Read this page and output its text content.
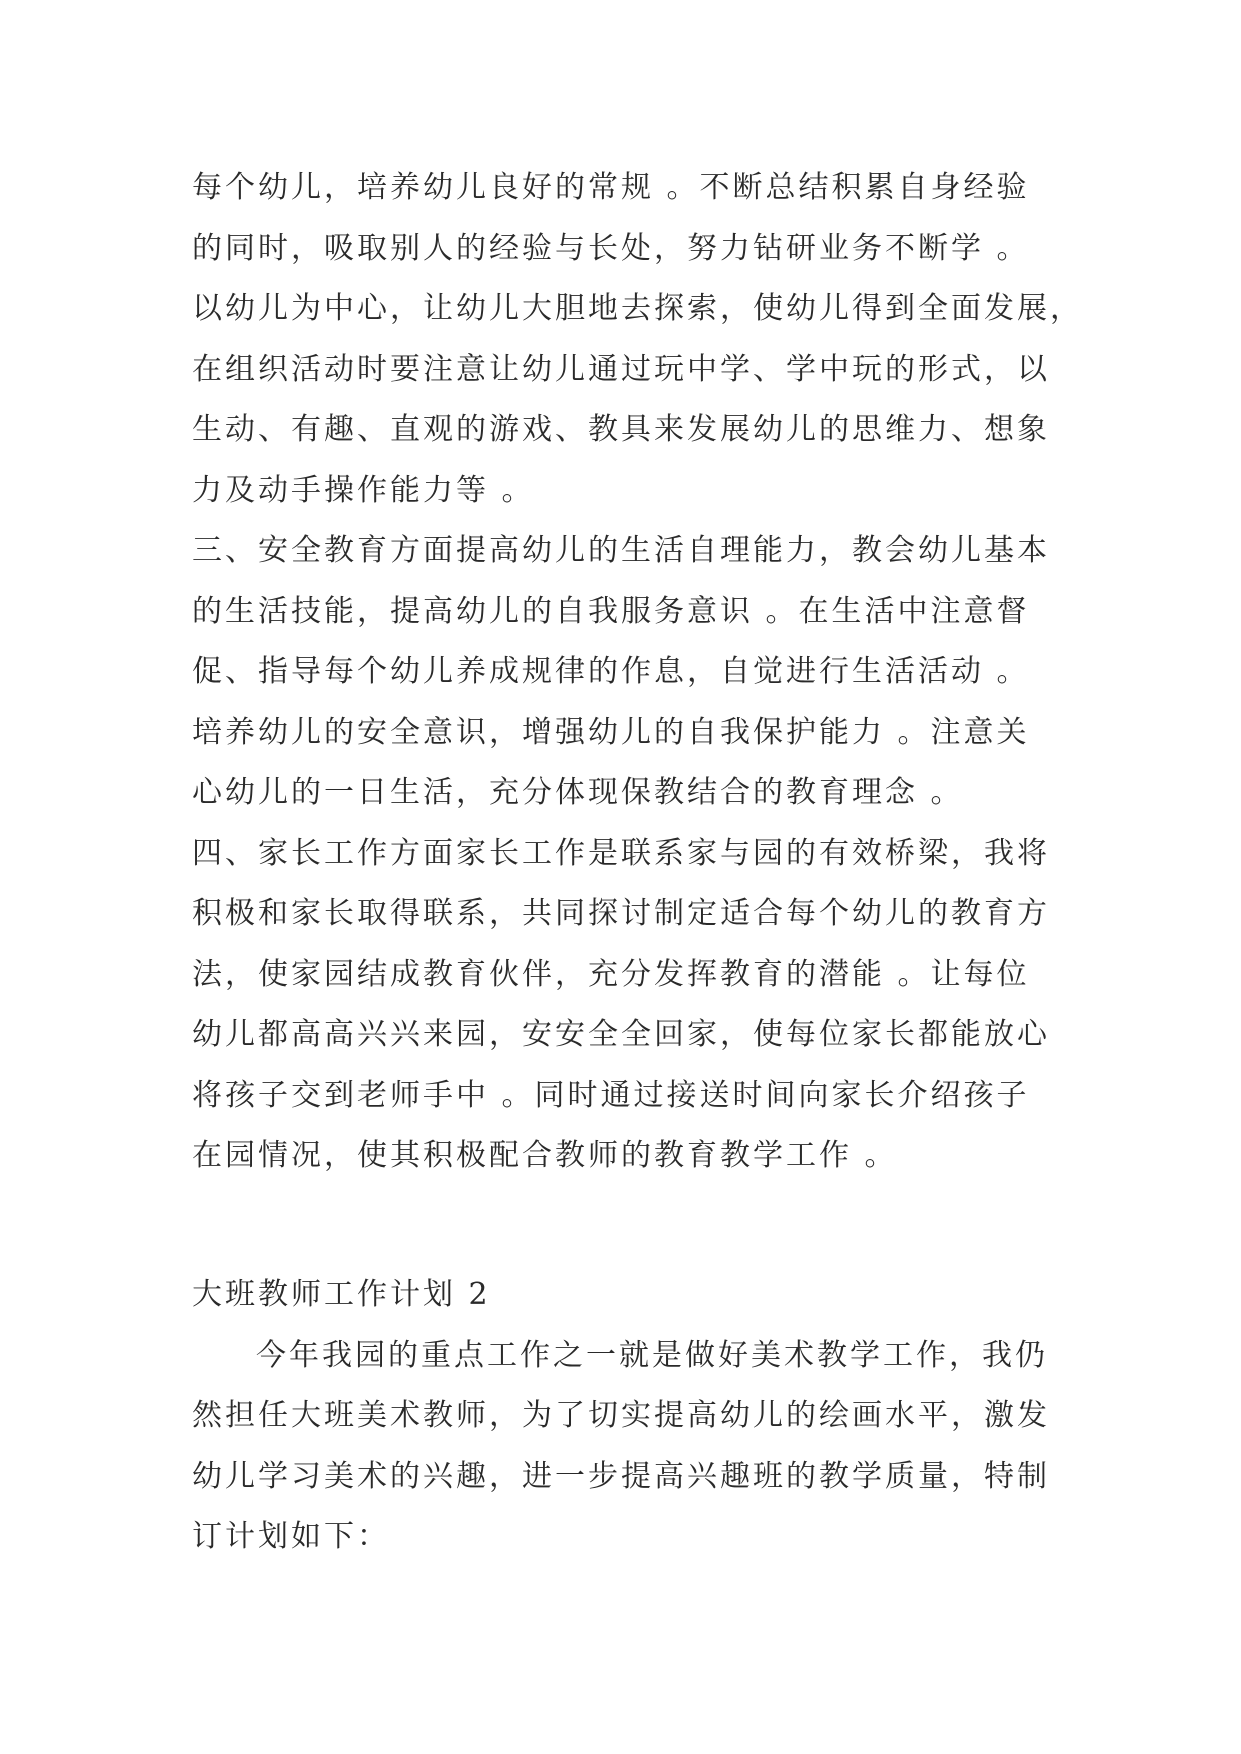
每个幼儿，培养幼儿良好的常规 。不断总结积累自身经验
的同时，吸取别人的经验与长处，努力钻研业务不断学 。
以幼儿为中心，让幼儿大胆地去探索，使幼儿得到全面发展，
在组织活动时要注意让幼儿通过玩中学、学中玩的形式，以
生动、有趣、直观的游戏、教具来发展幼儿的思维力、想象
力及动手操作能力等 。
三、安全教育方面提高幼儿的生活自理能力，教会幼儿基本
的生活技能，提高幼儿的自我服务意识 。在生活中注意督
促、指导每个幼儿养成规律的作息，自觉进行生活活动 。
培养幼儿的安全意识，增强幼儿的自我保护能力 。注意关
心幼儿的一日生活，充分体现保教结合的教育理念 。
四、家长工作方面家长工作是联系家与园的有效桥梁，我将
积极和家长取得联系，共同探讨制定适合每个幼儿的教育方
法，使家园结成教育伙伴，充分发挥教育的潜能 。让每位
幼儿都高高兴兴来园，安安全全回家，使每位家长都能放心
将孩子交到老师手中 。同时通过接送时间向家长介绍孩子
在园情况，使其积极配合教师的教育教学工作 。
大班教师工作计划 2
今年我园的重点工作之一就是做好美术教学工作，我仍
然担任大班美术教师，为了切实提高幼儿的绘画水平，激发
幼儿学习美术的兴趣，进一步提高兴趣班的教学质量，特制
订计划如下：
